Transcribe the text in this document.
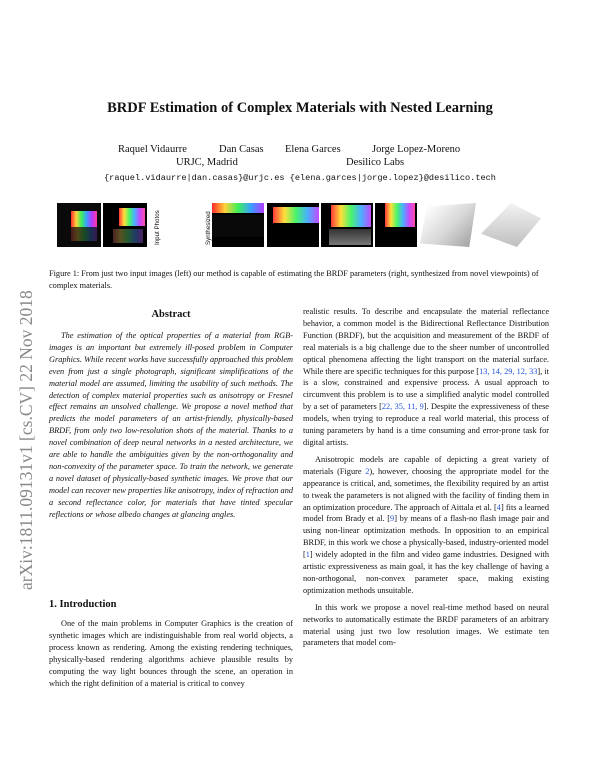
BRDF Estimation of Complex Materials with Nested Learning
Raquel Vidaurre	Dan Casas Elena Garces	Jorge Lopez-Moreno
URJC, Madrid	Desilico Labs
{raquel.vidaurre|dan.casas}@urjc.es {elena.garces|jorge.lopez}@desilico.tech
arXiv:1811.09131v1 [cs.CV] 22 Nov 2018
Input Photos	Synthesized
Figure 1: From just two input images (left) our method is capable of estimating the BRDF parameters (right, synthesized from novel viewpoints) of complex materials.
Abstract

The estimation of the optical properties of a material from RGB-images is an important but extremely ill-posed problem in Computer Graphics. While recent works have successfully approached this problem even from just a single photograph, significant simplifications of the material model are assumed, limiting the usability of such methods. The detection of complex material properties such as anisotropy or Fresnel effect remains an unsolved challenge. We propose a novel method that predicts the model parameters of an artist-friendly, physically-based BRDF, from only two low-resolution shots of the material. Thanks to a novel combination of deep neural networks in a nested architecture, we are able to handle the ambiguities given by the non-orthogonality and non-convexity of the parameter space. To train the network, we generate a novel dataset of physically-based synthetic images. We prove that our model can recover new properties like anisotropy, index of refraction and a second reflectance color, for materials that have tinted specular reflections or whose albedo changes at glancing angles.

1. Introduction

One of the main problems in Computer Graphics is the creation of synthetic images which are indistinguishable from real world objects, a process known as rendering. Among the existing rendering techniques, physically-based rendering algorithms achieve plausible results by computing the way light bounces through the scene, an operation in which the right definition of a material is critical to convey

realistic results. To describe and encapsulate the material reflectance behavior, a common model is the Bidirectional Reflectance Distribution Function (BRDF), but the acquisition and measurement of the BRDF of real materials is a big challenge due to the sheer number of uncontrolled optical phenomena affecting the light transport on the material surface. While there are specific techniques for this purpose [13, 14, 29, 12, 33], it is a slow, constrained and expensive process. A usual approach to circumvent this problem is to use a simplified analytic model controlled by a set of parameters [22, 35, 11, 9]. Despite the expressiveness of these models, when trying to reproduce a real world material, this process of tuning parameters by hand is a time consuming and error-prone task for digital artists.

Anisotropic models are capable of depicting a great variety of materials (Figure 2), however, choosing the appropriate model for the appearance is critical, and, sometimes, the flexibility required by an artist to tweak the parameters is not aligned with the facility of finding them in an optimization procedure. The approach of Aittala et al. [4] fits a learned model from Brady et al. [9] by means of a flash-no flash image pair and using non-linear optimization methods. In opposition to an empirical BRDF, in this work we chose a physically-based, industry-oriented model [1] widely adopted in the film and video game industries. Designed with artistic expressiveness as main goal, it has the key challenge of having a non-orthogonal, non-convex parameter space, making existing optimization methods unsuitable.

In this work we propose a novel real-time method based on neural networks to automatically estimate the BRDF parameters of an arbitrary material using just two low resolution images. We estimate ten parameters that model com-
